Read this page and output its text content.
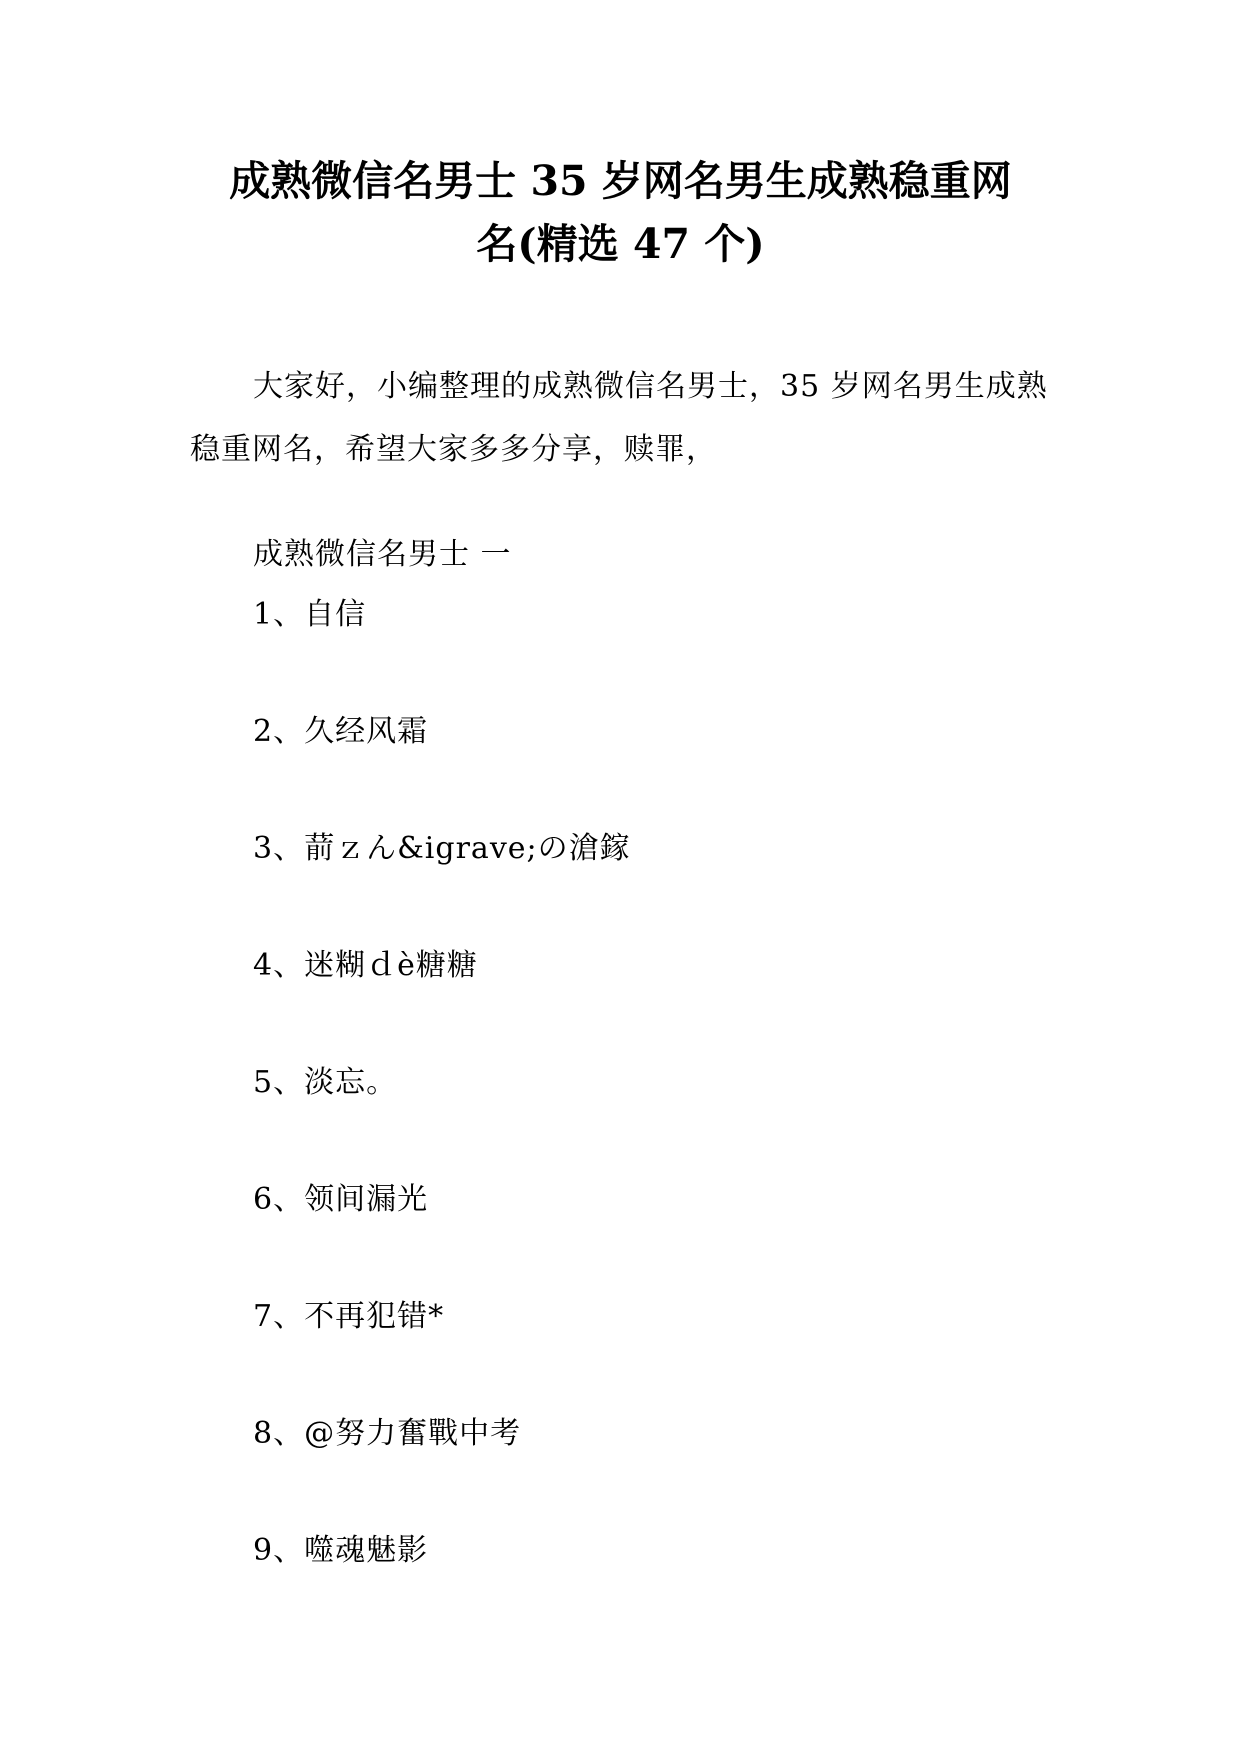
成熟微信名男士 35 岁网名男生成熟稳重网
名(精选 47 个)

大家好，小编整理的成熟微信名男士，35 岁网名男生成熟稳重网名，希望大家多多分享，赎罪，

成熟微信名男士 一

1、自信
2、久经风霜
3、葥ｚん&igrave;の滄鎵
4、迷糊ｄè糖糖
5、淡忘。
6、领间漏光
7、不再犯错*
8、@努力奮戰中考
9、噬魂魅影
